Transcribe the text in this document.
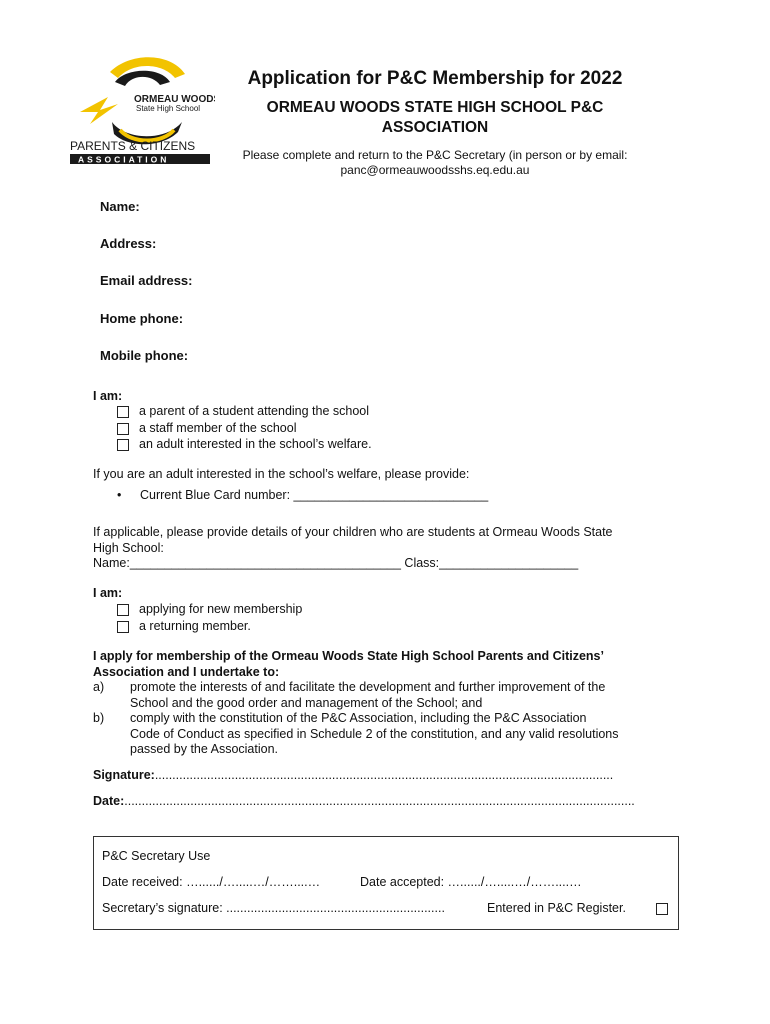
ORMEAU WOODS
State High School
PARENTS & CITIZENS
ASSOCIATION
Application for P&C Membership for 2022
ORMEAU WOODS STATE HIGH SCHOOL P&C
ASSOCIATION
Please complete and return to the P&C Secretary (in person or by email:
panc@ormeauwoodsshs.eq.edu.au
Name:
Address:
Email address:
Home phone:
Mobile phone:
I am:
a parent of a student attending the school
a staff member of the school
an adult interested in the school’s welfare.
If you are an adult interested in the school’s welfare, please provide:
• Current Blue Card number: ____________________________
If applicable, please provide details of your children who are students at Ormeau Woods State
High School:
Name:_______________________________________ Class:____________________
I am:
applying for new membership
a returning member.
I apply for membership of the Ormeau Woods State High School Parents and Citizens’
Association and I undertake to:
a) promote the interests of and facilitate the development and further improvement of the
School and the good order and management of the School; and
b) comply with the constitution of the P&C Association, including the P&C Association
Code of Conduct as specified in Schedule 2 of the constitution, and any valid resolutions
passed by the Association.
Signature:....................................................................................................................................
Date:...................................................................................................................................................
P&C Secretary Use
Date received: …....../….....…/……....…	Date accepted: …....../….....…/……....…
Secretary’s signature: ...............................................................	Entered in P&C Register.
